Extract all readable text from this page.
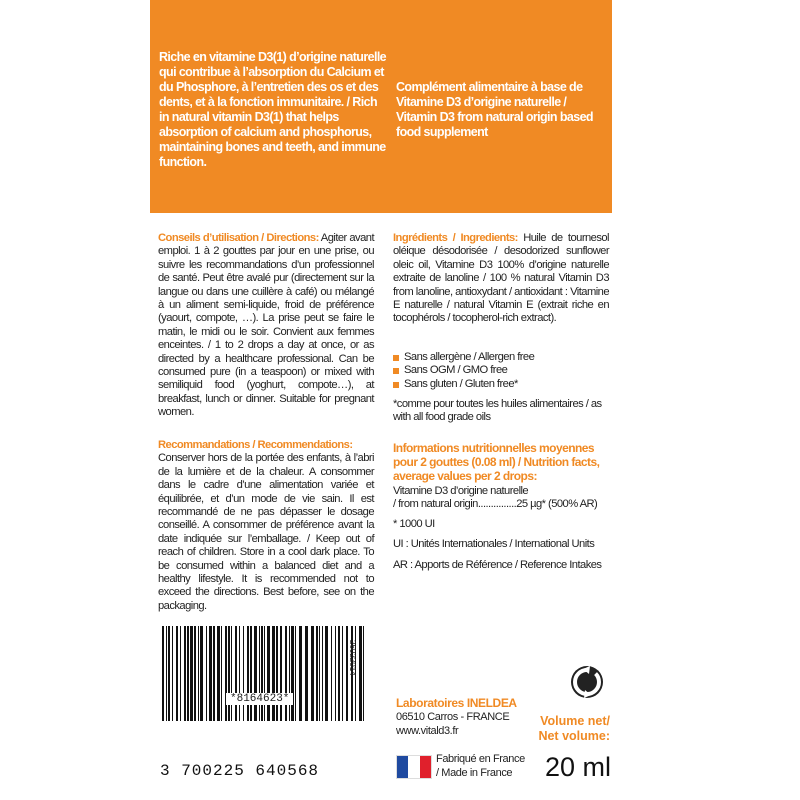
Riche en vitamine D3(1) d’origine naturelle qui contribue à l’absorption du Calcium et du Phosphore, à l’entretien des os et des dents, et à la fonction immunitaire. / Rich in natural vitamin D3(1) that helps absorption of calcium and phosphorus, maintaining bones and teeth, and immune function.
Complément alimentaire à base de Vitamine D3 d’origine naturelle / Vitamin D3 from natural origin based food supplement
Conseils d’utilisation / Directions: Agiter avant emploi. 1 à 2 gouttes par jour en une prise, ou suivre les recommandations d’un professionnel de santé. Peut être avalé pur (directement sur la langue ou dans une cuillère à café) ou mélangé à un aliment semi-liquide, froid de préférence (yaourt, compote, …). La prise peut se faire le matin, le midi ou le soir. Convient aux femmes enceintes. / 1 to 2 drops a day at once, or as directed by a healthcare professional. Can be consumed pure (in a teaspoon) or mixed with semiliquid food (yoghurt, compote…), at breakfast, lunch or dinner. Suitable for pregnant women.
Recommandations / Recommendations:
Conserver hors de la portée des enfants, à l’abri de la lumière et de la chaleur. A consommer dans le cadre d’une alimentation variée et équilibrée, et d’un mode de vie sain. Il est recommandé de ne pas dépasser le dosage conseillé. A consommer de préférence avant la date indiquée sur l’emballage. / Keep out of reach of children. Store in a cool dark place. To be consumed within a balanced diet and a healthy lifestyle. It is recommended not to exceed the directions. Best before, see on the packaging.
Ingrédients / Ingredients: Huile de tournesol oléique désodorisée / desodorized sunflower oleic oil, Vitamine D3 100% d’origine naturelle extraite de lanoline / 100 % natural Vitamin D3 from lanoline, antioxydant / antioxidant : Vitamine E naturelle / natural Vitamin E (extrait riche en tocophérols / tocopherol-rich extract).
Sans allergène / Allergen free
Sans OGM / GMO free
Sans gluten / Gluten free*
*comme pour toutes les huiles alimentaires / as with all food grade oils
Informations nutritionnelles moyennes pour 2 gouttes (0.08 ml) / Nutrition facts, average values per 2 drops:
Vitamine D3 d’origine naturelle
/ from natural origin...............25 µg* (500% AR)
* 1000 UI
UI : Unités Internationales / International Units
AR : Apports de Référence / Reference Intakes
*8164623*
26022014
3 700225 640568
Laboratoires INELDEA
06510 Carros - FRANCE
www.vitald3.fr
Fabriqué en France
/ Made in France
Volume net/ Net volume:
20 ml
